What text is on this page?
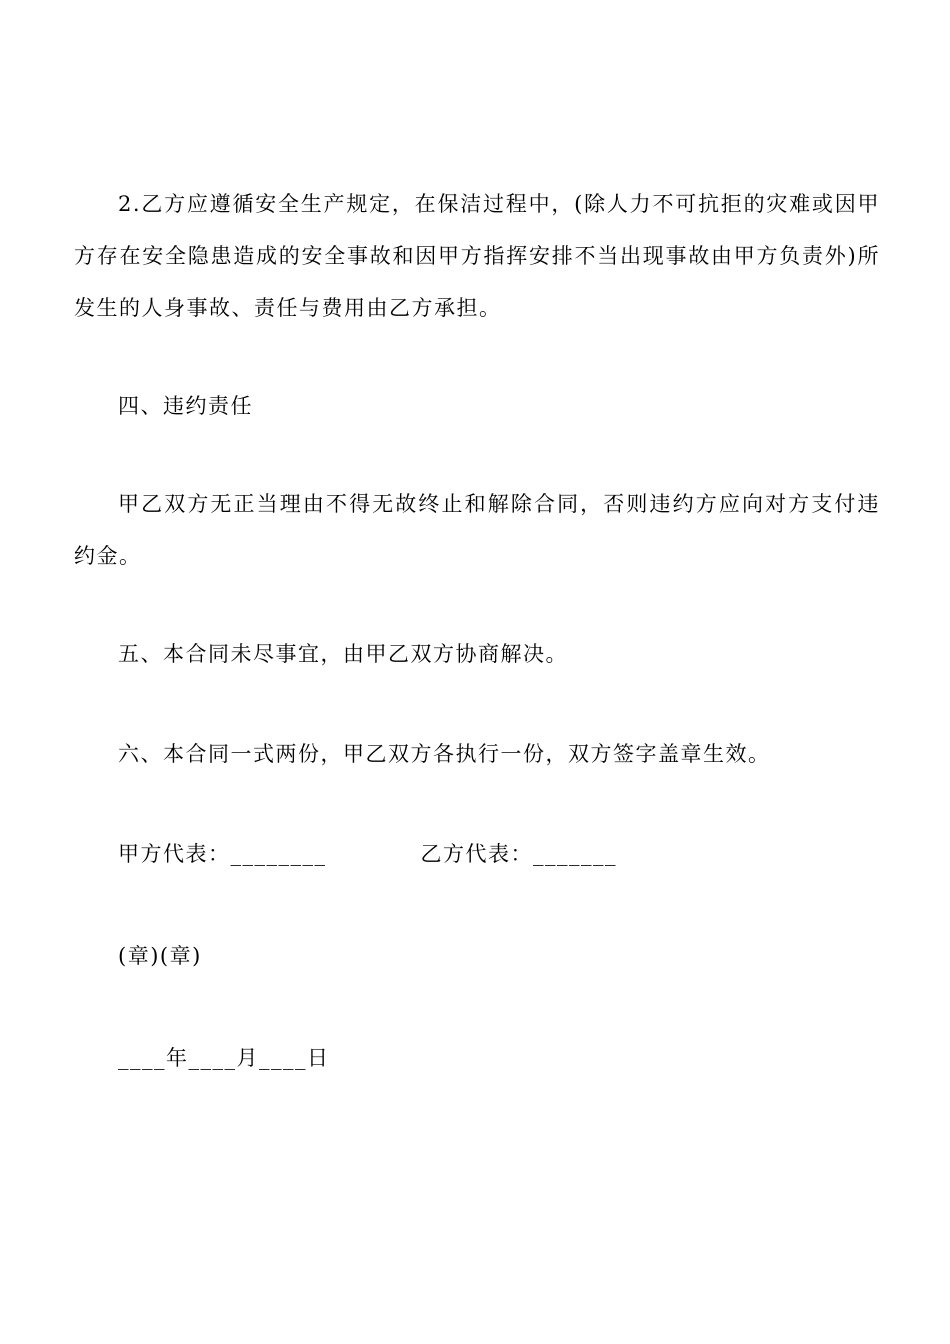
2.乙方应遵循安全生产规定，在保洁过程中，(除人力不可抗拒的灾难或因甲方存在安全隐患造成的安全事故和因甲方指挥安排不当出现事故由甲方负责外)所发生的人身事故、责任与费用由乙方承担。

四、违约责任

甲乙双方无正当理由不得无故终止和解除合同，否则违约方应向对方支付违约金。

五、本合同未尽事宜，由甲乙双方协商解决。

六、本合同一式两份，甲乙双方各执行一份，双方签字盖章生效。

甲方代表：________	乙方代表：_______

(章)(章)

____年____月____日
